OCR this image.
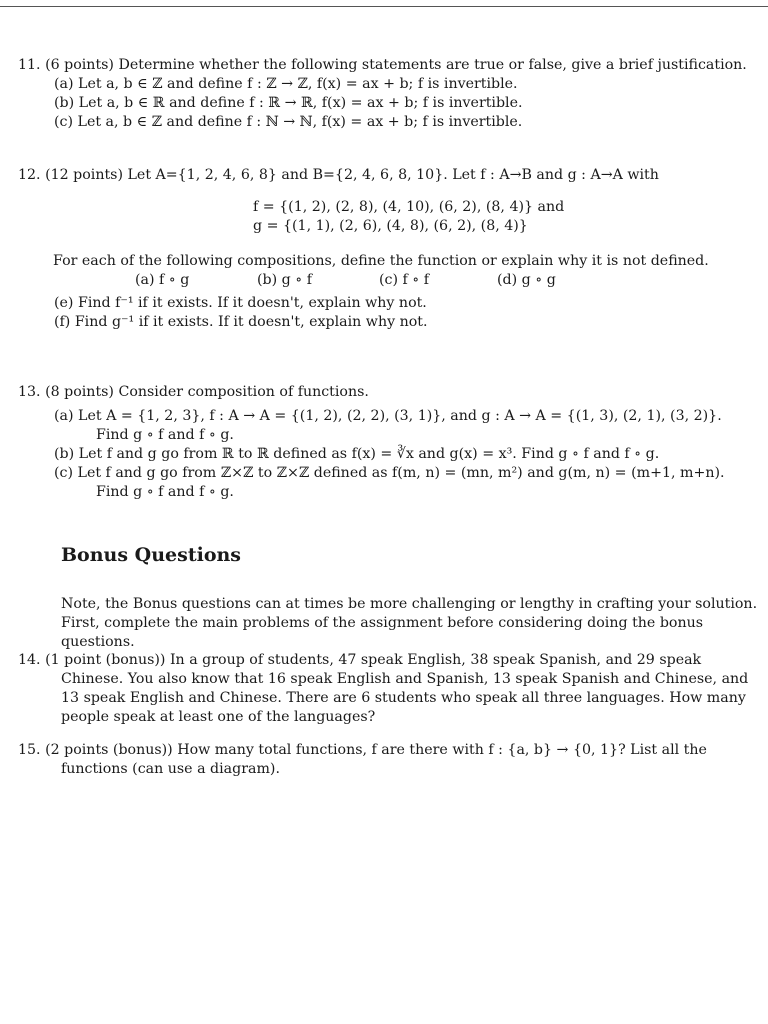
11. (6 points) Determine whether the following statements are true or false, give a brief justification.
(a) Let a, b ∈ ℤ and define f : ℤ → ℤ, f(x) = ax + b; f is invertible.
(b) Let a, b ∈ ℝ and define f : ℝ → ℝ, f(x) = ax + b; f is invertible.
(c) Let a, b ∈ ℤ and define f : ℕ → ℕ, f(x) = ax + b; f is invertible.
12. (12 points) Let A={1, 2, 4, 6, 8} and B={2, 4, 6, 8, 10}. Let f : A→B and g : A→A with
f = {(1, 2), (2, 8), (4, 10), (6, 2), (8, 4)} and
g = {(1, 1), (2, 6), (4, 8), (6, 2), (8, 4)}
For each of the following compositions, define the function or explain why it is not defined.
(a) f ∘ g	(b) g ∘ f	(c) f ∘ f	(d) g ∘ g
(e) Find f⁻¹ if it exists. If it doesn't, explain why not.
(f) Find g⁻¹ if it exists. If it doesn't, explain why not.
13. (8 points) Consider composition of functions.
(a) Let A = {1, 2, 3}, f : A → A = {(1, 2), (2, 2), (3, 1)}, and g : A → A = {(1, 3), (2, 1), (3, 2)}.
Find g ∘ f and f ∘ g.
(b) Let f and g go from ℝ to ℝ defined as f(x) = ∛x and g(x) = x³. Find g ∘ f and f ∘ g.
(c) Let f and g go from ℤ×ℤ to ℤ×ℤ defined as f(m, n) = (mn, m²) and g(m, n) = (m+1, m+n).
Find g ∘ f and f ∘ g.
Bonus Questions
Note, the Bonus questions can at times be more challenging or lengthy in crafting your solution. First, complete the main problems of the assignment before considering doing the bonus questions.
14. (1 point (bonus)) In a group of students, 47 speak English, 38 speak Spanish, and 29 speak Chinese. You also know that 16 speak English and Spanish, 13 speak Spanish and Chinese, and 13 speak English and Chinese. There are 6 students who speak all three languages. How many people speak at least one of the languages?
15. (2 points (bonus)) How many total functions, f are there with f : {a, b} → {0, 1}? List all the functions (can use a diagram).
